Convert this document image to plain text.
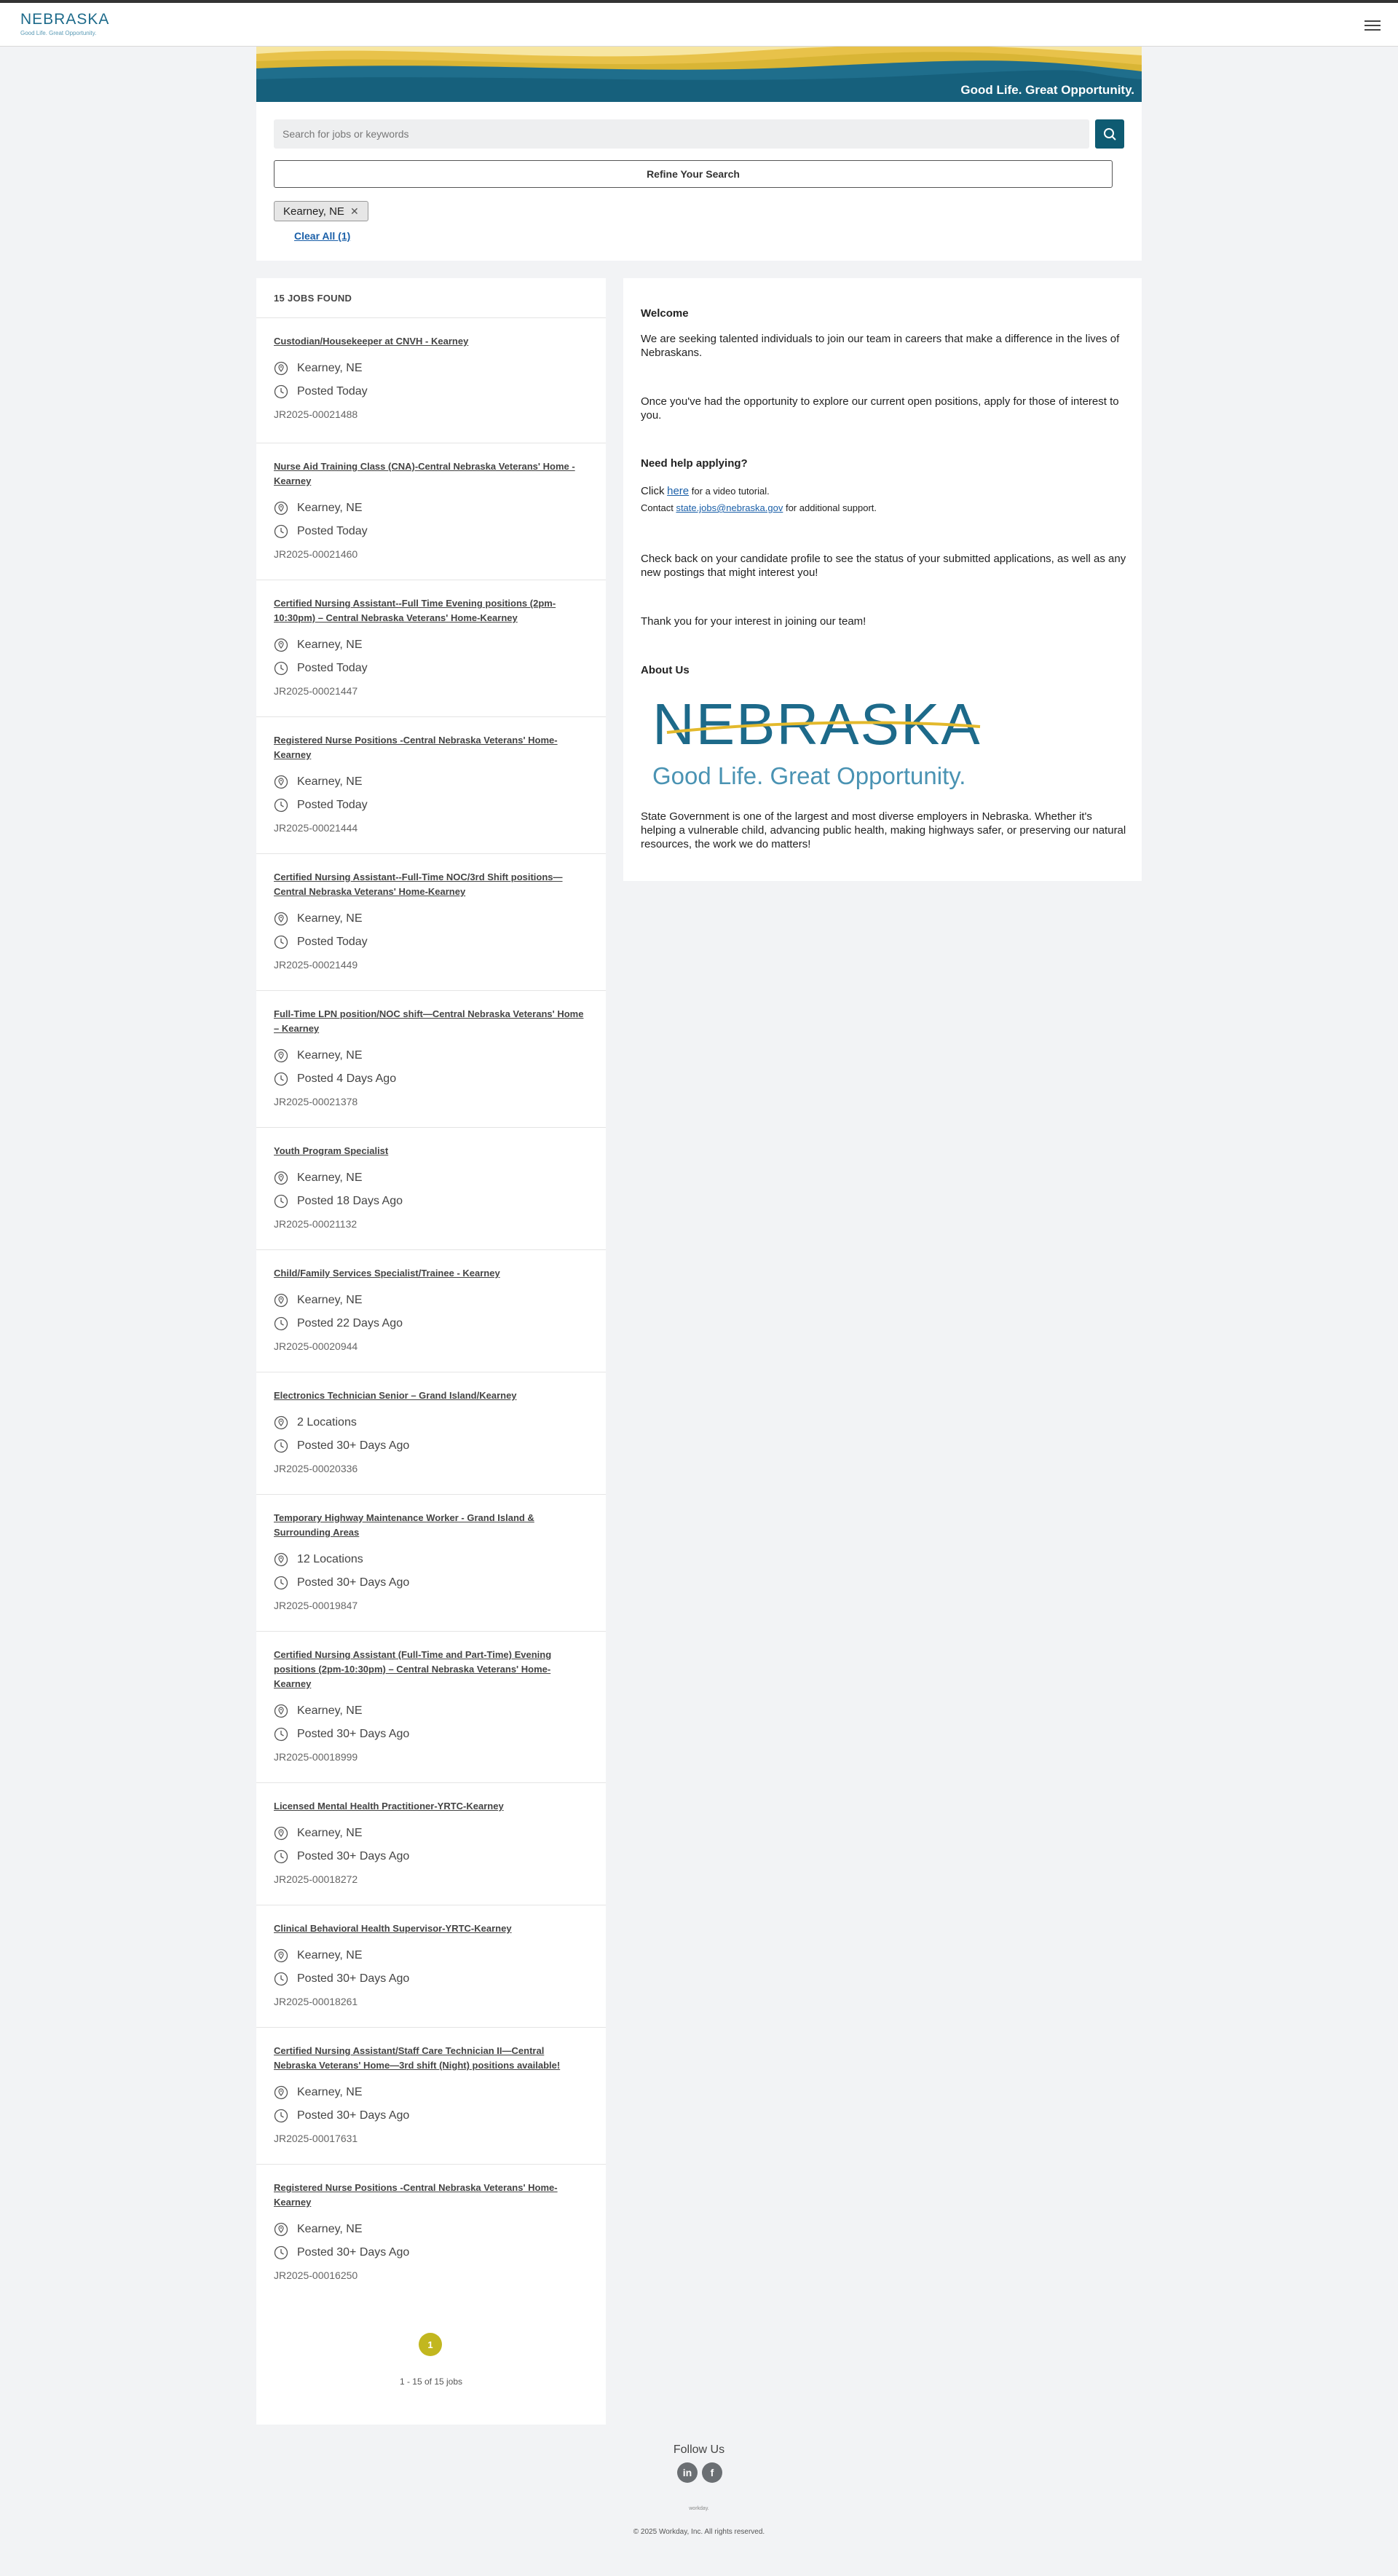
NEBRASKA
Good Life. Great Opportunity.
Good Life. Great Opportunity.
Search for jobs or keywords
Refine Your Search
Kearney, NE ✕
Clear All (1)
15 JOBS FOUND
Custodian/Housekeeper at CNVH - Kearney
Kearney, NE
Posted Today
JR2025-00021488
Nurse Aid Training Class (CNA)-Central Nebraska Veterans' Home - Kearney
Kearney, NE
Posted Today
JR2025-00021460
Certified Nursing Assistant--Full Time Evening positions (2pm-10:30pm) – Central Nebraska Veterans' Home-Kearney
Kearney, NE
Posted Today
JR2025-00021447
Registered Nurse Positions -Central Nebraska Veterans' Home- Kearney
Kearney, NE
Posted Today
JR2025-00021444
Certified Nursing Assistant--Full-Time NOC/3rd Shift positions—Central Nebraska Veterans' Home-Kearney
Kearney, NE
Posted Today
JR2025-00021449
Full-Time LPN position/NOC shift—Central Nebraska Veterans' Home – Kearney
Kearney, NE
Posted 4 Days Ago
JR2025-00021378
Youth Program Specialist
Kearney, NE
Posted 18 Days Ago
JR2025-00021132
Child/Family Services Specialist/Trainee - Kearney
Kearney, NE
Posted 22 Days Ago
JR2025-00020944
Electronics Technician Senior – Grand Island/Kearney
2 Locations
Posted 30+ Days Ago
JR2025-00020336
Temporary Highway Maintenance Worker - Grand Island & Surrounding Areas
12 Locations
Posted 30+ Days Ago
JR2025-00019847
Certified Nursing Assistant (Full-Time and Part-Time) Evening positions (2pm-10:30pm) – Central Nebraska Veterans' Home-Kearney
Kearney, NE
Posted 30+ Days Ago
JR2025-00018999
Licensed Mental Health Practitioner-YRTC-Kearney
Kearney, NE
Posted 30+ Days Ago
JR2025-00018272
Clinical Behavioral Health Supervisor-YRTC-Kearney
Kearney, NE
Posted 30+ Days Ago
JR2025-00018261
Certified Nursing Assistant/Staff Care Technician II—Central Nebraska Veterans' Home—3rd shift (Night) positions available!
Kearney, NE
Posted 30+ Days Ago
JR2025-00017631
Registered Nurse Positions -Central Nebraska Veterans' Home- Kearney
Kearney, NE
Posted 30+ Days Ago
JR2025-00016250
1
1 - 15 of 15 jobs
Welcome
We are seeking talented individuals to join our team in careers that make a difference in the lives of Nebraskans.
Once you've had the opportunity to explore our current open positions, apply for those of interest to you.
Need help applying?
Click here for a video tutorial.
Contact state.jobs@nebraska.gov for additional support.
Check back on your candidate profile to see the status of your submitted applications, as well as any new postings that might interest you!
Thank you for your interest in joining our team!
About Us
NEBRASKA
Good Life. Great Opportunity.
State Government is one of the largest and most diverse employers in Nebraska. Whether it's helping a vulnerable child, advancing public health, making highways safer, or preserving our natural resources, the work we do matters!
Follow Us
in	f
workday.
© 2025 Workday, Inc. All rights reserved.
